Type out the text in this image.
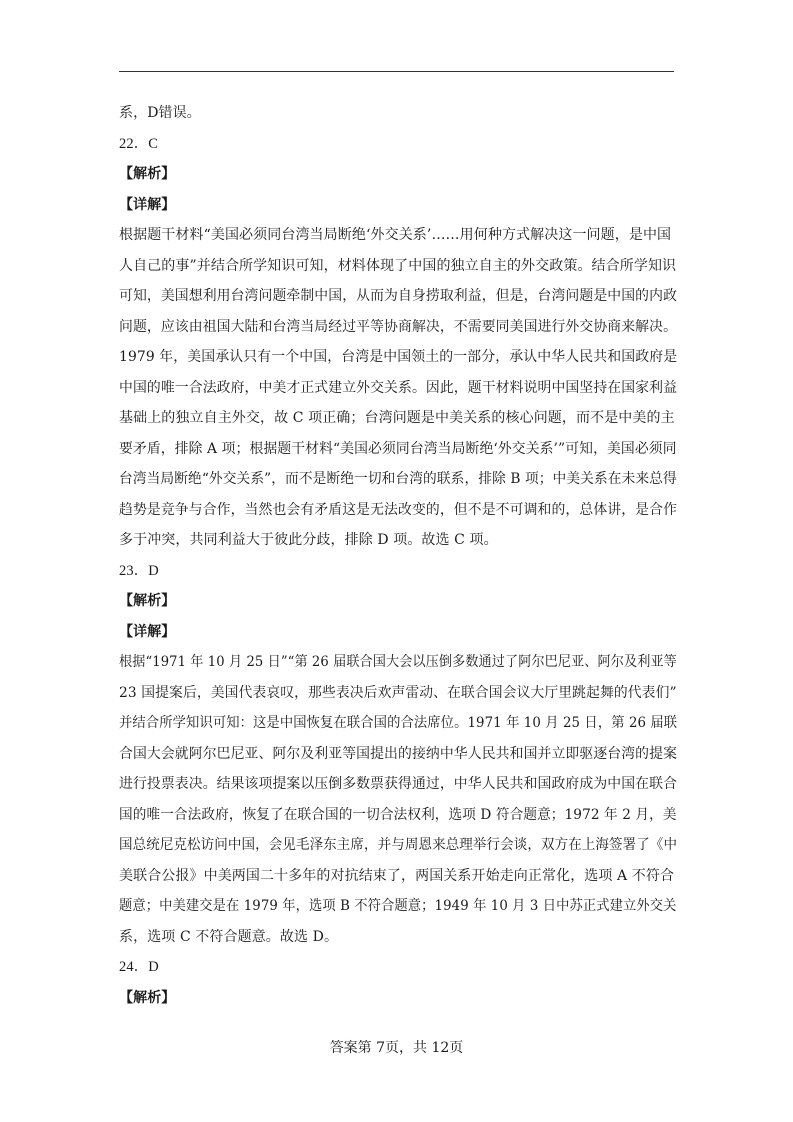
系，D错误。
22．C
【解析】
【详解】
根据题干材料“美国必须同台湾当局断绝‘外交关系’……用何种方式解决这一问题，是中国
人自己的事”并结合所学知识可知，材料体现了中国的独立自主的外交政策。结合所学知识
可知，美国想利用台湾问题牵制中国，从而为自身捞取利益，但是，台湾问题是中国的内政
问题，应该由祖国大陆和台湾当局经过平等协商解决，不需要同美国进行外交协商来解决。
1979 年，美国承认只有一个中国，台湾是中国领土的一部分，承认中华人民共和国政府是
中国的唯一合法政府，中美才正式建立外交关系。因此，题干材料说明中国坚持在国家利益
基础上的独立自主外交，故 C 项正确；台湾问题是中美关系的核心问题，而不是中美的主
要矛盾，排除 A 项；根据题干材料“美国必须同台湾当局断绝‘外交关系’”可知，美国必须同
台湾当局断绝“外交关系”，而不是断绝一切和台湾的联系，排除 B 项；中美关系在未来总得
趋势是竞争与合作，当然也会有矛盾这是无法改变的，但不是不可调和的，总体讲，是合作
多于冲突，共同利益大于彼此分歧，排除 D 项。故选 C 项。
23．D
【解析】
【详解】
根据“1971 年 10 月 25 日”“第 26 届联合国大会以压倒多数通过了阿尔巴尼亚、阿尔及利亚等
23 国提案后，美国代表哀叹，那些表决后欢声雷动、在联合国会议大厅里跳起舞的代表们”
并结合所学知识可知：这是中国恢复在联合国的合法席位。1971 年 10 月 25 日，第 26 届联
合国大会就阿尔巴尼亚、阿尔及利亚等国提出的接纳中华人民共和国并立即驱逐台湾的提案
进行投票表决。结果该项提案以压倒多数票获得通过，中华人民共和国政府成为中国在联合
国的唯一合法政府，恢复了在联合国的一切合法权利，选项 D 符合题意；1972 年 2 月，美
国总统尼克松访问中国，会见毛泽东主席，并与周恩来总理举行会谈，双方在上海签署了《中
美联合公报》中美两国二十多年的对抗结束了，两国关系开始走向正常化，选项 A 不符合
题意；中美建交是在 1979 年，选项 B 不符合题意；1949 年 10 月 3 日中苏正式建立外交关
系，选项 C 不符合题意。故选 D。
24．D
【解析】
答案第 7页，共 12页
